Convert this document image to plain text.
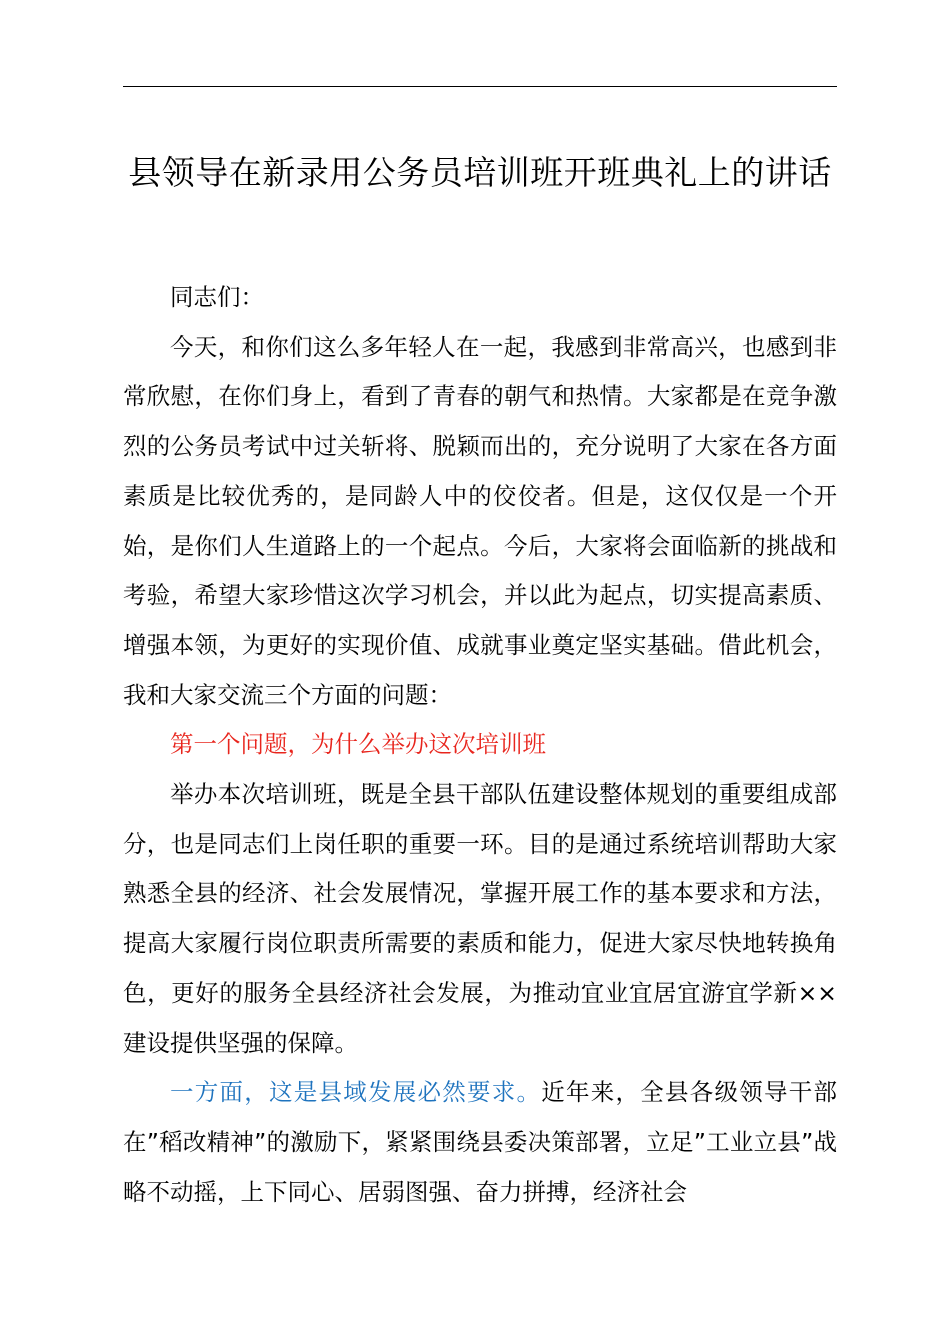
县领导在新录用公务员培训班开班典礼上的讲话

同志们：

今天，和你们这么多年轻人在一起，我感到非常高兴，也感到非常欣慰，在你们身上，看到了青春的朝气和热情。大家都是在竞争激烈的公务员考试中过关斩将、脱颖而出的，充分说明了大家在各方面素质是比较优秀的，是同龄人中的佼佼者。但是，这仅仅是一个开始，是你们人生道路上的一个起点。今后，大家将会面临新的挑战和考验，希望大家珍惜这次学习机会，并以此为起点，切实提高素质、增强本领，为更好的实现价值、成就事业奠定坚实基础。借此机会，我和大家交流三个方面的问题：

第一个问题，为什么举办这次培训班

举办本次培训班，既是全县干部队伍建设整体规划的重要组成部分，也是同志们上岗任职的重要一环。目的是通过系统培训帮助大家熟悉全县的经济、社会发展情况，掌握开展工作的基本要求和方法，提高大家履行岗位职责所需要的素质和能力，促进大家尽快地转换角色，更好的服务全县经济社会发展，为推动宜业宜居宜游宜学新××建设提供坚强的保障。

一方面，这是县域发展必然要求。近年来，全县各级领导干部在”稻改精神”的激励下，紧紧围绕县委决策部署，立足”工业立县”战略不动摇，上下同心、居弱图强、奋力拼搏，经济社会
